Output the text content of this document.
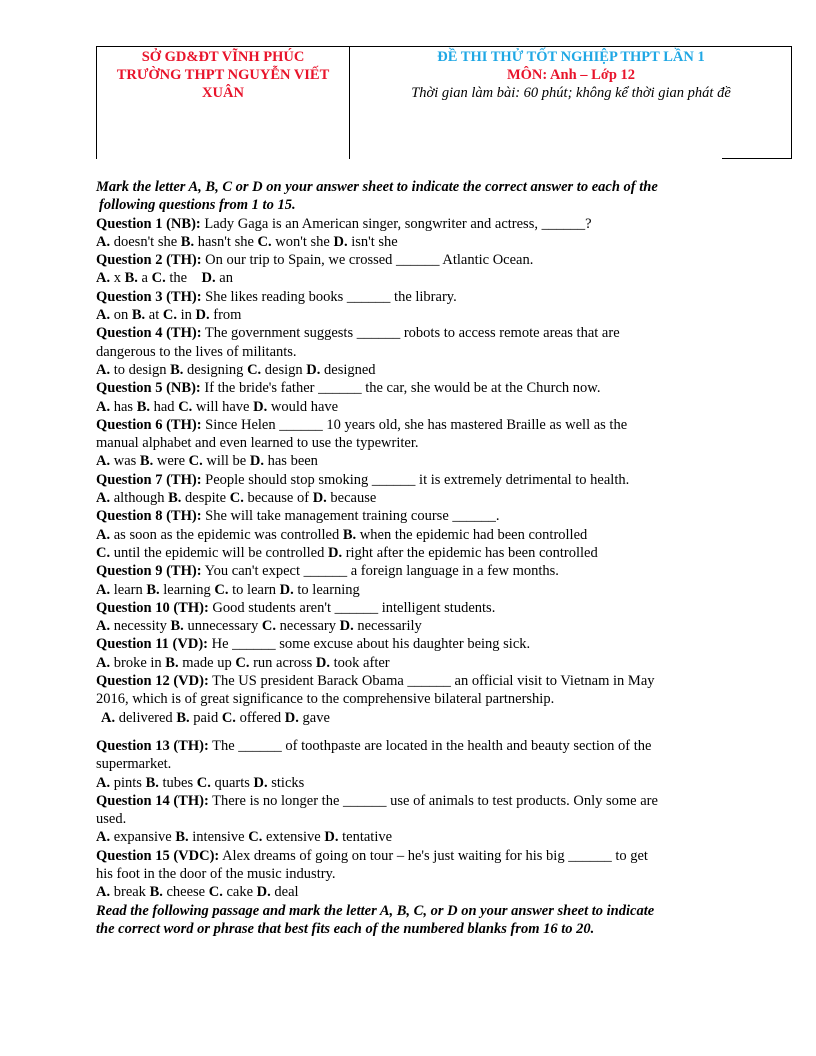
SỞ GD&ĐT VĨNH PHÚC
TRƯỜNG THPT NGUYỄN VIẾT
XUÂN
ĐỀ THI THỬ TỐT NGHIỆP THPT LẦN 1
MÔN: Anh – Lớp 12
Thời gian làm bài: 60 phút; không kể thời gian phát đề

Mark the letter A, B, C or D on your answer sheet to indicate the correct answer to each of the

following questions from 1 to 15.

Question 1 (NB): Lady Gaga is an American singer, songwriter and actress, ______?

A. doesn't she B. hasn't she C. won't she D. isn't she

Question 2 (TH): On our trip to Spain, we crossed ______ Atlantic Ocean.

A. x B. a C. the    D. an

Question 3 (TH): She likes reading books ______ the library.

A. on B. at C. in D. from

Question 4 (TH): The government suggests ______ robots to access remote areas that are

dangerous to the lives of militants.

A. to design B. designing C. design D. designed

Question 5 (NB): If the bride's father ______ the car, she would be at the Church now.

A. has B. had C. will have D. would have

Question 6 (TH): Since Helen ______ 10 years old, she has mastered Braille as well as the

manual alphabet and even learned to use the typewriter.

A. was B. were C. will be D. has been

Question 7 (TH): People should stop smoking ______ it is extremely detrimental to health.

A. although B. despite C. because of D. because

Question 8 (TH): She will take management training course ______.

A. as soon as the epidemic was controlled B. when the epidemic had been controlled

C. until the epidemic will be controlled D. right after the epidemic has been controlled

Question 9 (TH): You can't expect ______ a foreign language in a few months.

A. learn B. learning C. to learn D. to learning

Question 10 (TH): Good students aren't ______ intelligent students.

A. necessity B. unnecessary C. necessary D. necessarily

Question 11 (VD): He ______ some excuse about his daughter being sick.

A. broke in B. made up C. run across D. took after

Question 12 (VD): The US president Barack Obama ______ an official visit to Vietnam in May

2016, which is of great significance to the comprehensive bilateral partnership.

A. delivered B. paid C. offered D. gave

Question 13 (TH): The ______ of toothpaste are located in the health and beauty section of the

supermarket.

A. pints B. tubes C. quarts D. sticks

Question 14 (TH): There is no longer the ______ use of animals to test products. Only some are

used.

A. expansive B. intensive C. extensive D. tentative

Question 15 (VDC): Alex dreams of going on tour – he's just waiting for his big ______ to get

his foot in the door of the music industry.

A. break B. cheese C. cake D. deal

Read the following passage and mark the letter A, B, C, or D on your answer sheet to indicate

the correct word or phrase that best fits each of the numbered blanks from 16 to 20.
